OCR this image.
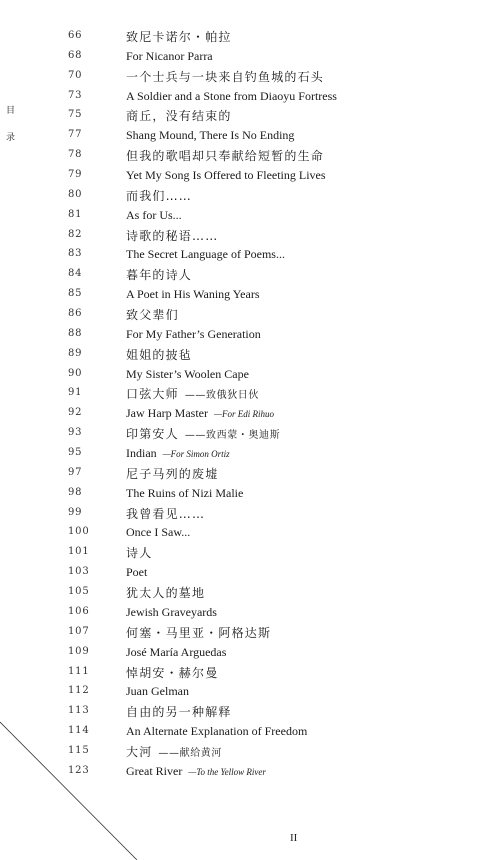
目
录
66	致尼卡诺尔・帕拉
68	For Nicanor Parra
70	一个士兵与一块来自钓鱼城的石头
73	A Soldier and a Stone from Diaoyu Fortress
75	商丘，没有结束的
77	Shang Mound, There Is No Ending
78	但我的歌唱却只奉献给短暂的生命
79	Yet My Song Is Offered to Fleeting Lives
80	而我们……
81	As for Us...
82	诗歌的秘语……
83	The Secret Language of Poems...
84	暮年的诗人
85	A Poet in His Waning Years
86	致父辈们
88	For My Father’s Generation
89	姐姐的披毡
90	My Sister’s Woolen Cape
91	口弦大师 ——致俄狄日伙
92	Jaw Harp Master —For Edi Rihuo
93	印第安人 ——致西蒙・奥迪斯
95	Indian —For Simon Ortiz
97	尼子马列的废墟
98	The Ruins of Nizi Malie
99	我曾看见……
100	Once I Saw...
101	诗人
103	Poet
105	犹太人的墓地
106	Jewish Graveyards
107	何塞・马里亚・阿格达斯
109	José María Arguedas
111	悼胡安・赫尔曼
112	Juan Gelman
113	自由的另一种解释
114	An Alternate Explanation of Freedom
115	大河 ——献给黄河
123	Great River —To the Yellow River
II
